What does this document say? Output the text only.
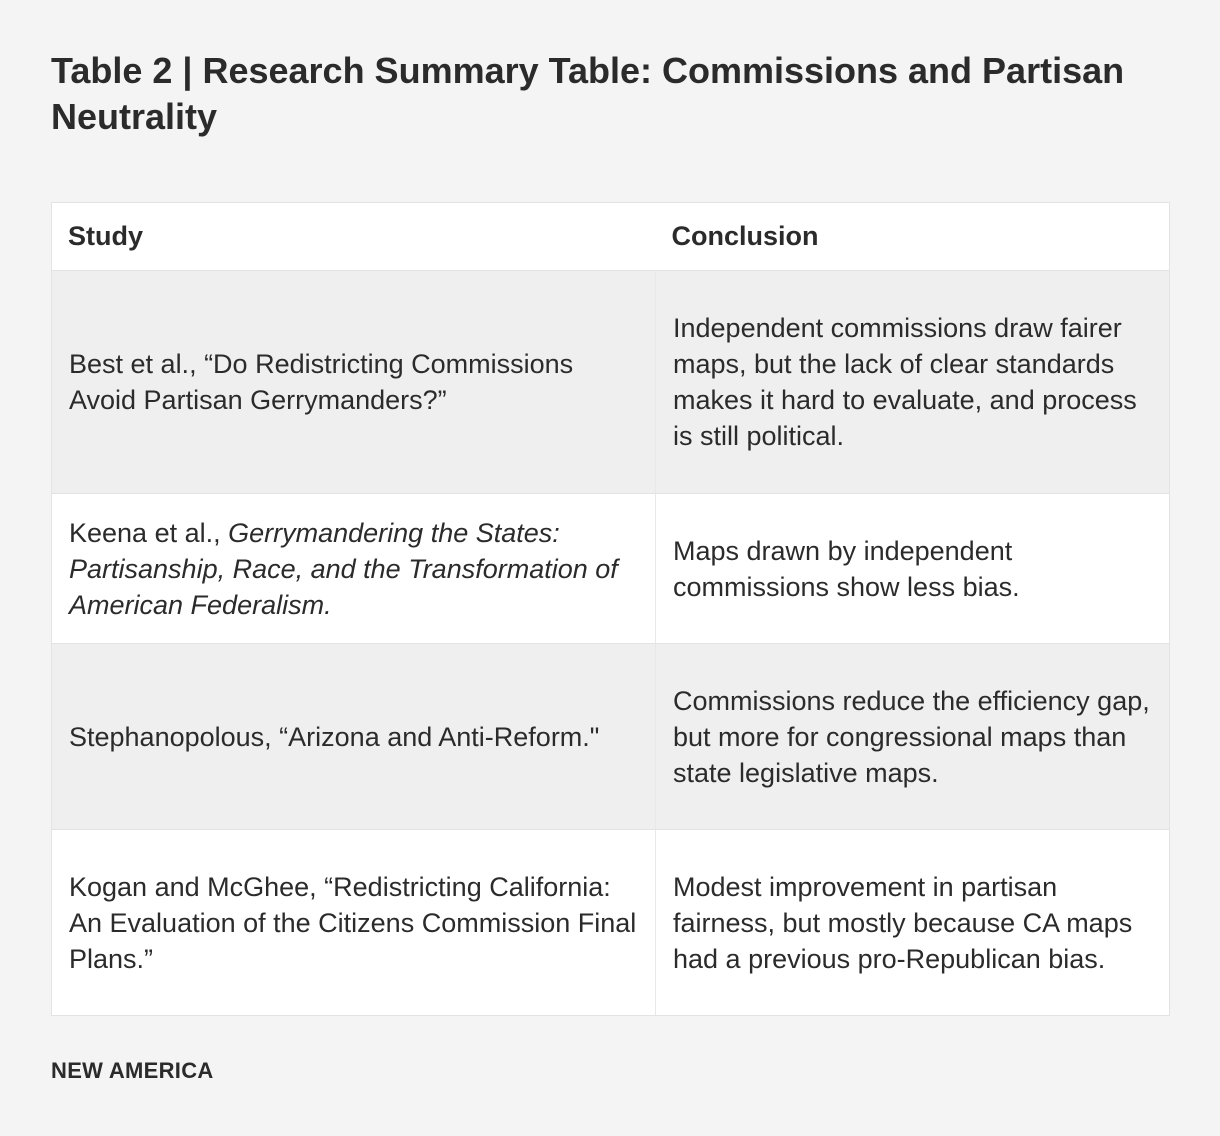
Table 2 | Research Summary Table: Commissions and Partisan Neutrality
Study	Conclusion
Best et al., “Do Redistricting Commissions Avoid Partisan Gerrymanders?”	Independent commissions draw fairer maps, but the lack of clear standards makes it hard to evaluate, and process is still political.
Keena et al., Gerrymandering the States: Partisanship, Race, and the Transformation of American Federalism.	Maps drawn by independent commissions show less bias.
Stephanopolous, “Arizona and Anti-Reform."	Commissions reduce the efficiency gap, but more for congressional maps than state legislative maps.
Kogan and McGhee, “Redistricting California: An Evaluation of the Citizens Commission Final Plans.”	Modest improvement in partisan fairness, but mostly because CA maps had a previous pro-Republican bias.
NEW AMERICA
